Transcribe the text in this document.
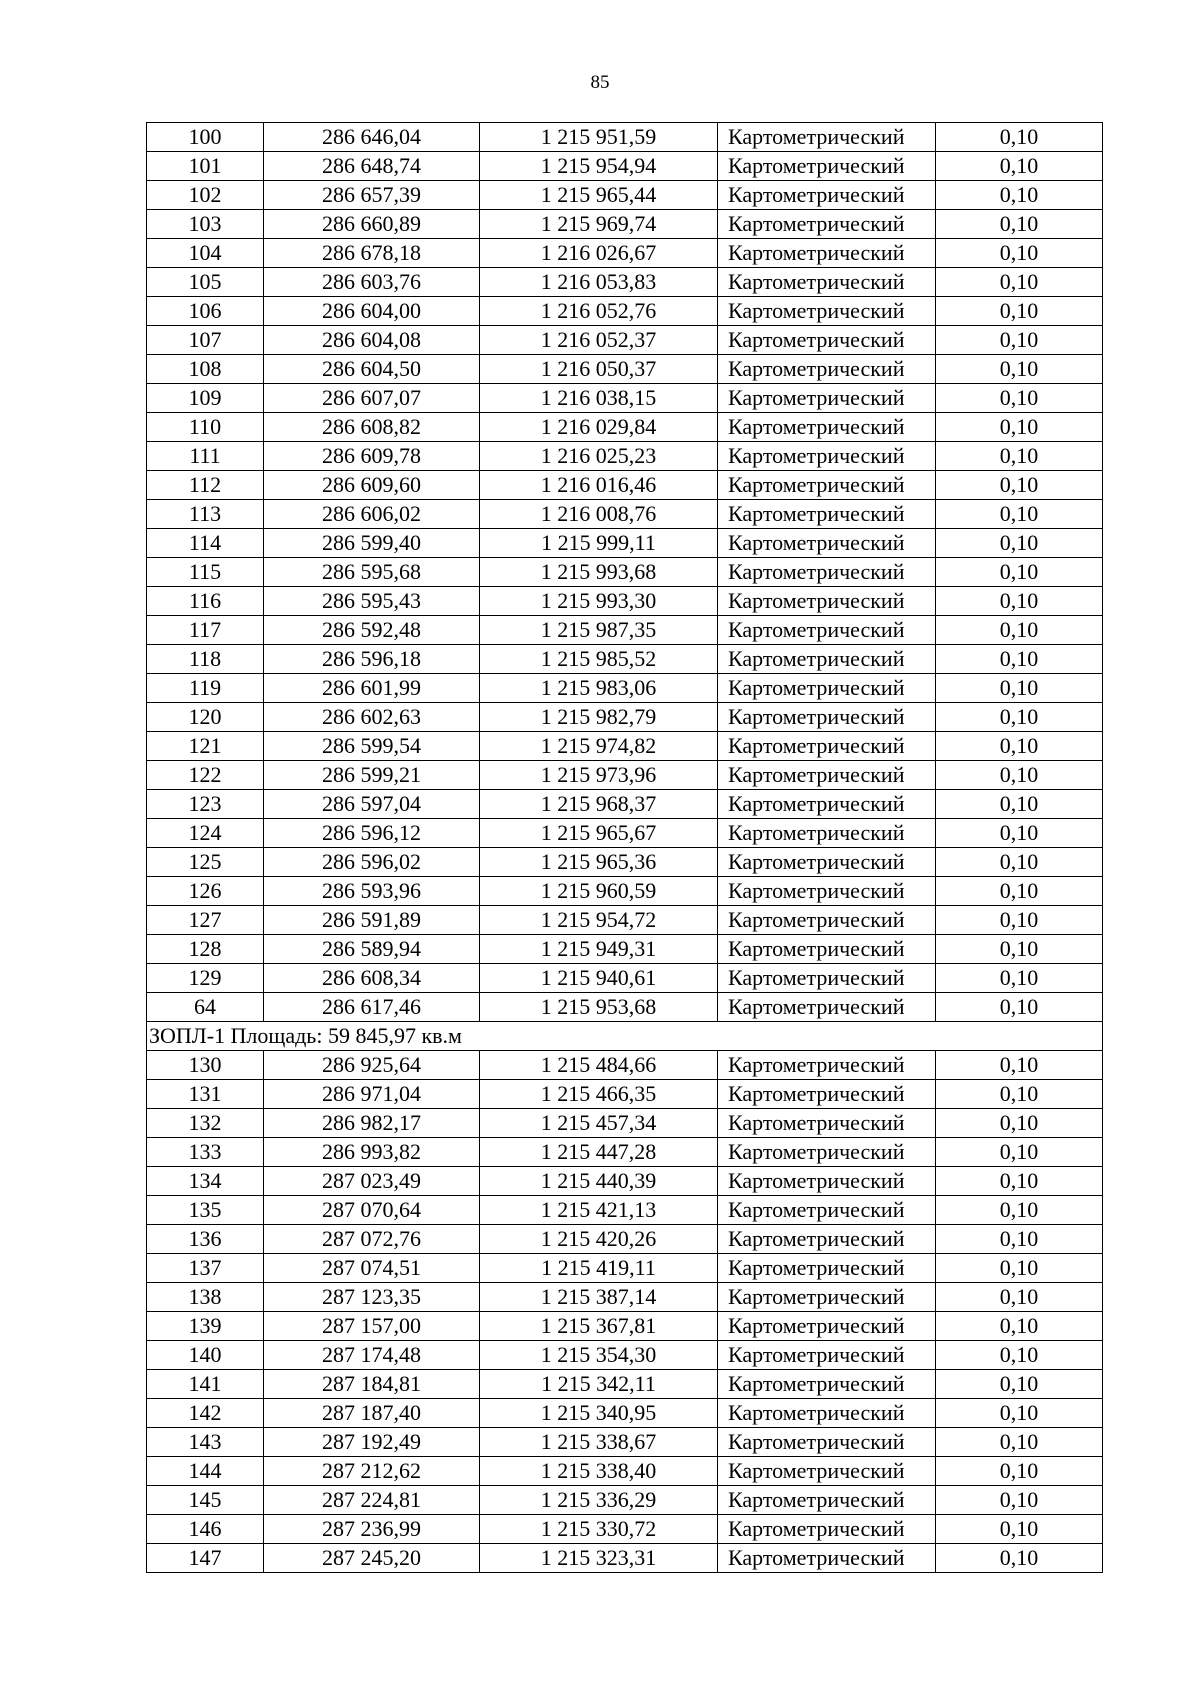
85
100	286 646,04	1 215 951,59	Картометрический	0,10
101	286 648,74	1 215 954,94	Картометрический	0,10
102	286 657,39	1 215 965,44	Картометрический	0,10
103	286 660,89	1 215 969,74	Картометрический	0,10
104	286 678,18	1 216 026,67	Картометрический	0,10
105	286 603,76	1 216 053,83	Картометрический	0,10
106	286 604,00	1 216 052,76	Картометрический	0,10
107	286 604,08	1 216 052,37	Картометрический	0,10
108	286 604,50	1 216 050,37	Картометрический	0,10
109	286 607,07	1 216 038,15	Картометрический	0,10
110	286 608,82	1 216 029,84	Картометрический	0,10
111	286 609,78	1 216 025,23	Картометрический	0,10
112	286 609,60	1 216 016,46	Картометрический	0,10
113	286 606,02	1 216 008,76	Картометрический	0,10
114	286 599,40	1 215 999,11	Картометрический	0,10
115	286 595,68	1 215 993,68	Картометрический	0,10
116	286 595,43	1 215 993,30	Картометрический	0,10
117	286 592,48	1 215 987,35	Картометрический	0,10
118	286 596,18	1 215 985,52	Картометрический	0,10
119	286 601,99	1 215 983,06	Картометрический	0,10
120	286 602,63	1 215 982,79	Картометрический	0,10
121	286 599,54	1 215 974,82	Картометрический	0,10
122	286 599,21	1 215 973,96	Картометрический	0,10
123	286 597,04	1 215 968,37	Картометрический	0,10
124	286 596,12	1 215 965,67	Картометрический	0,10
125	286 596,02	1 215 965,36	Картометрический	0,10
126	286 593,96	1 215 960,59	Картометрический	0,10
127	286 591,89	1 215 954,72	Картометрический	0,10
128	286 589,94	1 215 949,31	Картометрический	0,10
129	286 608,34	1 215 940,61	Картометрический	0,10
64	286 617,46	1 215 953,68	Картометрический	0,10
ЗОПЛ-1 Площадь: 59 845,97 кв.м				
130	286 925,64	1 215 484,66	Картометрический	0,10
131	286 971,04	1 215 466,35	Картометрический	0,10
132	286 982,17	1 215 457,34	Картометрический	0,10
133	286 993,82	1 215 447,28	Картометрический	0,10
134	287 023,49	1 215 440,39	Картометрический	0,10
135	287 070,64	1 215 421,13	Картометрический	0,10
136	287 072,76	1 215 420,26	Картометрический	0,10
137	287 074,51	1 215 419,11	Картометрический	0,10
138	287 123,35	1 215 387,14	Картометрический	0,10
139	287 157,00	1 215 367,81	Картометрический	0,10
140	287 174,48	1 215 354,30	Картометрический	0,10
141	287 184,81	1 215 342,11	Картометрический	0,10
142	287 187,40	1 215 340,95	Картометрический	0,10
143	287 192,49	1 215 338,67	Картометрический	0,10
144	287 212,62	1 215 338,40	Картометрический	0,10
145	287 224,81	1 215 336,29	Картометрический	0,10
146	287 236,99	1 215 330,72	Картометрический	0,10
147	287 245,20	1 215 323,31	Картометрический	0,10
